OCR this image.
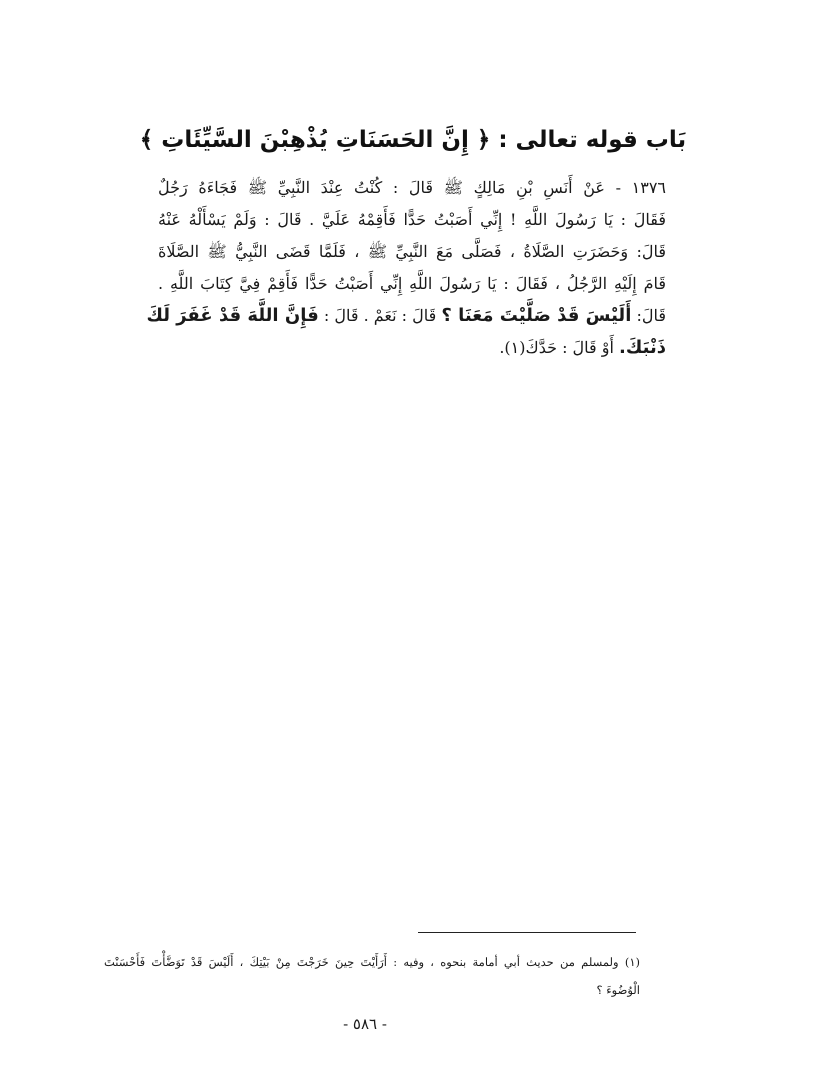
بَاب قوله تعالى : ﴿ إِنَّ الحَسَنَاتِ يُذْهِبْنَ السَّيِّئَاتِ ﴾
١٣٧٦ - عَنْ أَنَسِ بْنِ مَالِكٍ ﷺ قَالَ : كُنْتُ عِنْدَ النَّبِيِّ ﷺ فَجَاءَهُ رَجُلٌ
فَقَالَ : يَا رَسُولَ اللَّهِ ! إِنِّي أَصَبْتُ حَدًّا فَأَقِمْهُ عَلَيَّ . قَالَ : وَلَمْ يَسْأَلْهُ عَنْهُ
قَالَ: وَحَضَرَتِ الصَّلَاةُ ، فَصَلَّى مَعَ النَّبِيِّ ﷺ ، فَلَمَّا قَضَى النَّبِيُّ ﷺ الصَّلَاةَ
قَامَ إِلَيْهِ الرَّجُلُ ، فَقَالَ : يَا رَسُولَ اللَّهِ إِنِّي أَصَبْتُ حَدًّا فَأَقِمْ فِيَّ كِتَابَ اللَّهِ .
قَالَ: أَلَيْسَ قَدْ صَلَّيْتَ مَعَنَا ؟ قَالَ : نَعَمْ . قَالَ : فَإِنَّ اللَّهَ قَدْ غَفَرَ لَكَ
ذَنْبَكَ. أَوْ قَالَ : حَدَّكَ(١).
(١) ولمسلم من حديث أبي أمامة بنحوه ، وفيه : أَرَأَيْتَ حِينَ خَرَجْتَ مِنْ بَيْتِكَ ، أَلَيْسَ قَدْ تَوَضَّأْتَ فَأَحْسَنْتَ
الْوُضُوءَ ؟
- ٥٨٦ -
